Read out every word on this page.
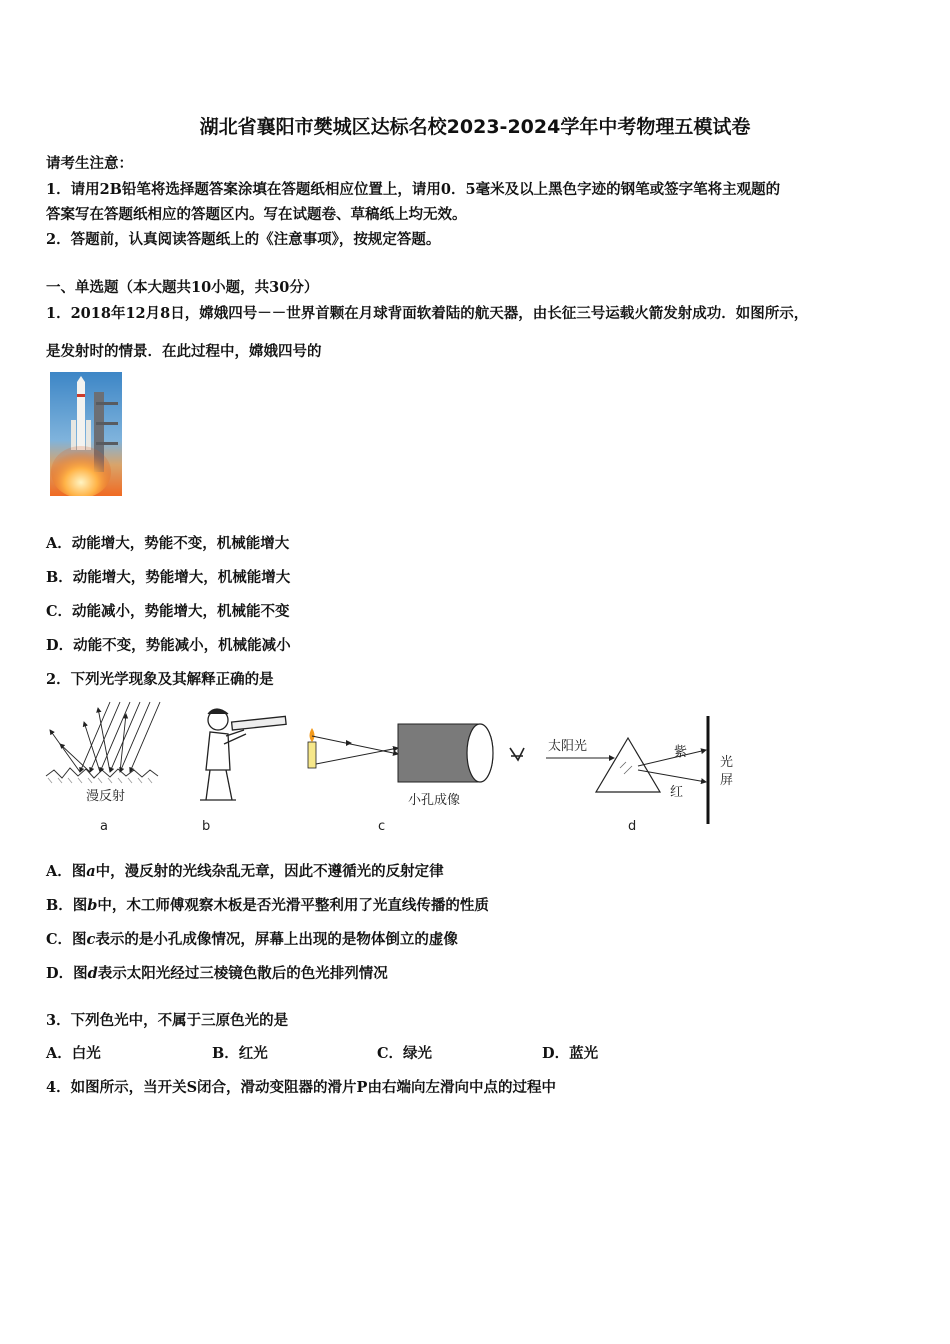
湖北省襄阳市樊城区达标名校2023-2024学年中考物理五模试卷
请考生注意：
1．请用2B铅笔将选择题答案涂填在答题纸相应位置上，请用0．5毫米及以上黑色字迹的钢笔或签字笔将主观题的
答案写在答题纸相应的答题区内。写在试题卷、草稿纸上均无效。
2．答题前，认真阅读答题纸上的《注意事项》，按规定答题。
一、单选题（本大题共10小题，共30分）
1．2018年12月8日，嫦娥四号－－世界首颗在月球背面软着陆的航天器，由长征三号运载火箭发射成功．如图所示，
是发射时的情景．在此过程中，嫦娥四号的
A．动能增大，势能不变，机械能增大
B．动能增大，势能增大，机械能增大
C．动能减小，势能增大，机械能不变
D．动能不变，势能减小，机械能减小
2．下列光学现象及其解释正确的是
漫反射
a	b
小孔成像
c
太阳光	紫
红
光
屏
d
A．图a中，漫反射的光线杂乱无章，因此不遵循光的反射定律
B．图b中，木工师傅观察木板是否光滑平整利用了光直线传播的性质
C．图c表示的是小孔成像情况，屏幕上出现的是物体倒立的虚像
D．图d表示太阳光经过三棱镜色散后的色光排列情况
3．下列色光中，不属于三原色光的是
A．白光	B．红光	C．绿光	D．蓝光
4．如图所示，当开关S闭合，滑动变阻器的滑片P由右端向左滑向中点的过程中
